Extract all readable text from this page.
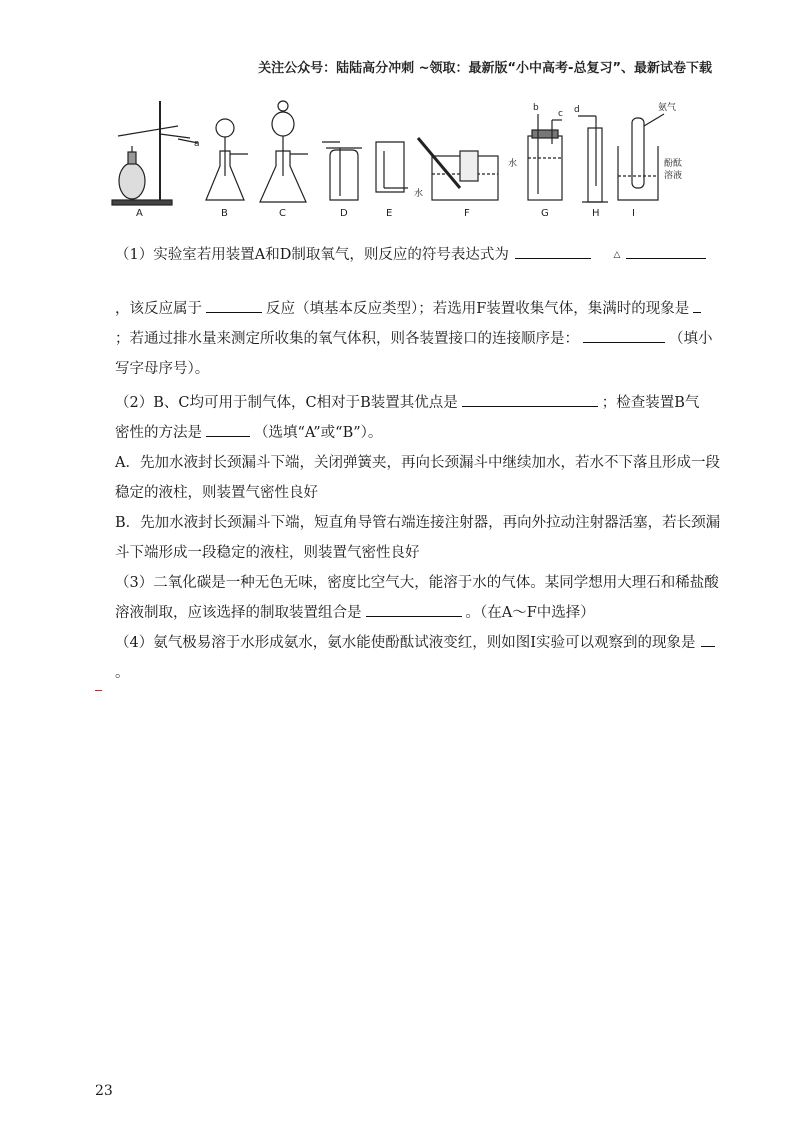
关注公众号：陆陆高分冲刺 ~领取：最新版“小中高考-总复习”、最新试卷下载
A	B	C	D	E	F	G	H	I
a
b
c d
水
水
氨气
酚酞
溶液
（1）实验室若用装置A和D制取氧气，则反应的符号表达式为	△
，该反应属于	反应（填基本反应类型）；若选用F装置收集气体，集满时的现象是
；若通过排水量来测定所收集的氧气体积，则各装置接口的连接顺序是：	（填小
写字母序号）。
（2）B、C均可用于制气体，C相对于B装置其优点是	；检查装置B气
密性的方法是	（选填“A”或“B”）。
A．先加水液封长颈漏斗下端，关闭弹簧夹，再向长颈漏斗中继续加水，若水不下落且形成一段
稳定的液柱，则装置气密性良好
B．先加水液封长颈漏斗下端，短直角导管右端连接注射器，再向外拉动注射器活塞，若长颈漏
斗下端形成一段稳定的液柱，则装置气密性良好
（3）二氧化碳是一种无色无味，密度比空气大，能溶于水的气体。某同学想用大理石和稀盐酸
溶液制取，应该选择的制取装置组合是	。（在A～F中选择）
（4）氨气极易溶于水形成氨水，氨水能使酚酞试液变红，则如图I实验可以观察到的现象是
。
23
